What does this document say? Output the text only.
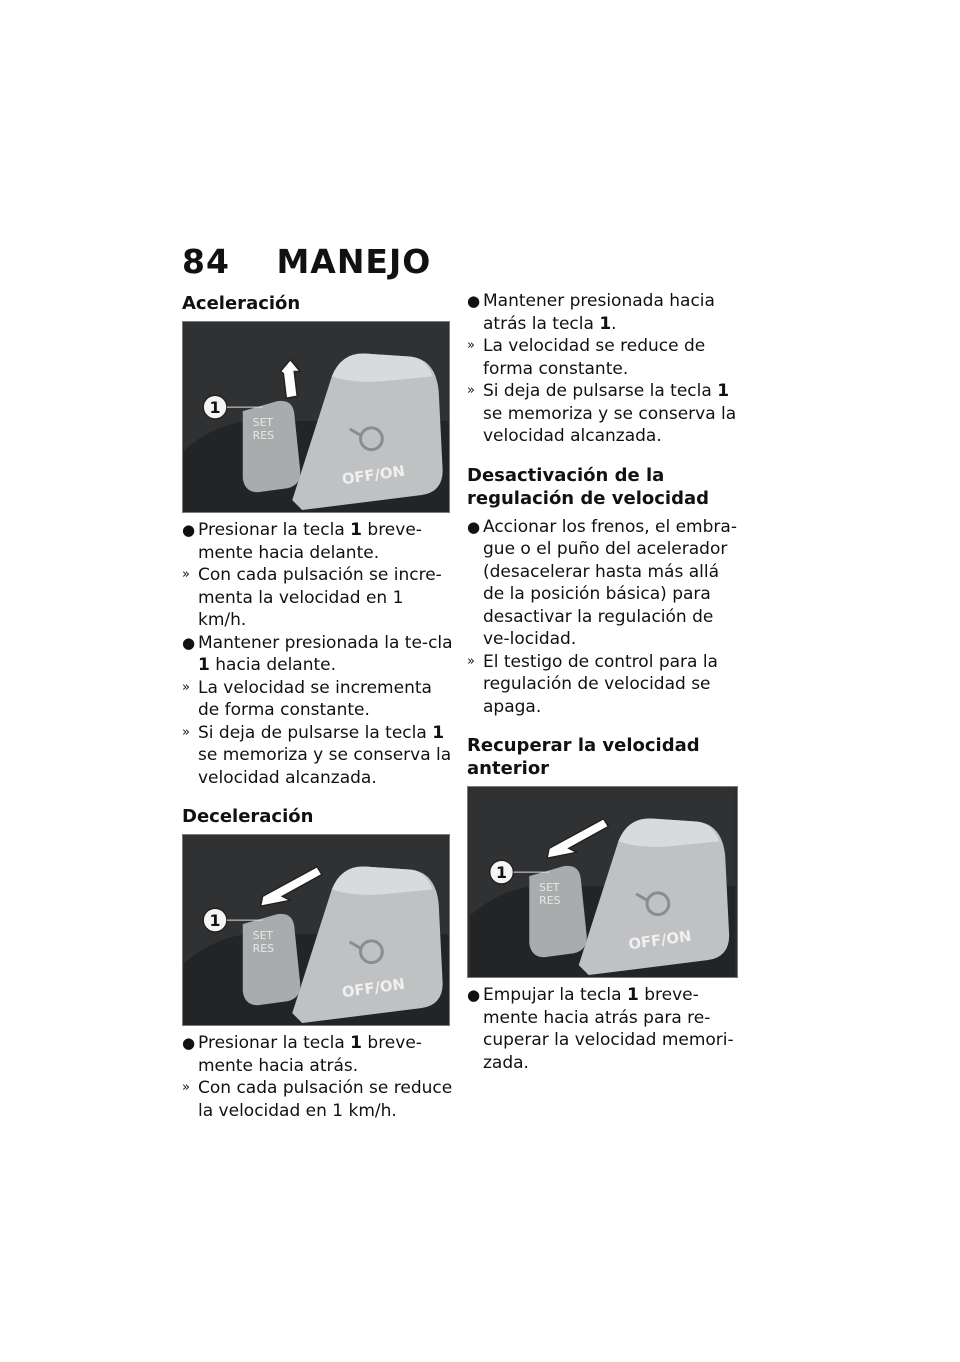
84 MANEJO
Aceleración
1
SET
RES
OFF/ON
● Presionar la tecla 1 breve-mente hacia delante.
» Con cada pulsación se incre-menta la velocidad en 1 km/h.
● Mantener presionada la te-cla 1 hacia delante.
» La velocidad se incrementa de forma constante.
» Si deja de pulsarse la tecla 1 se memoriza y se conserva la velocidad alcanzada.
Deceleración
1
SET
RES
OFF/ON
● Presionar la tecla 1 breve-mente hacia atrás.
» Con cada pulsación se reduce la velocidad en 1 km/h.
● Mantener presionada hacia atrás la tecla 1.
» La velocidad se reduce de forma constante.
» Si deja de pulsarse la tecla 1 se memoriza y se conserva la velocidad alcanzada.
Desactivación de la regulación de velocidad
● Accionar los frenos, el embra-gue o el puño del acelerador (desacelerar hasta más allá de la posición básica) para desactivar la regulación de ve-locidad.
» El testigo de control para la regulación de velocidad se apaga.
Recuperar la velocidad anterior
1
SET
RES
OFF/ON
● Empujar la tecla 1 breve-mente hacia atrás para re-cuperar la velocidad memori-zada.
